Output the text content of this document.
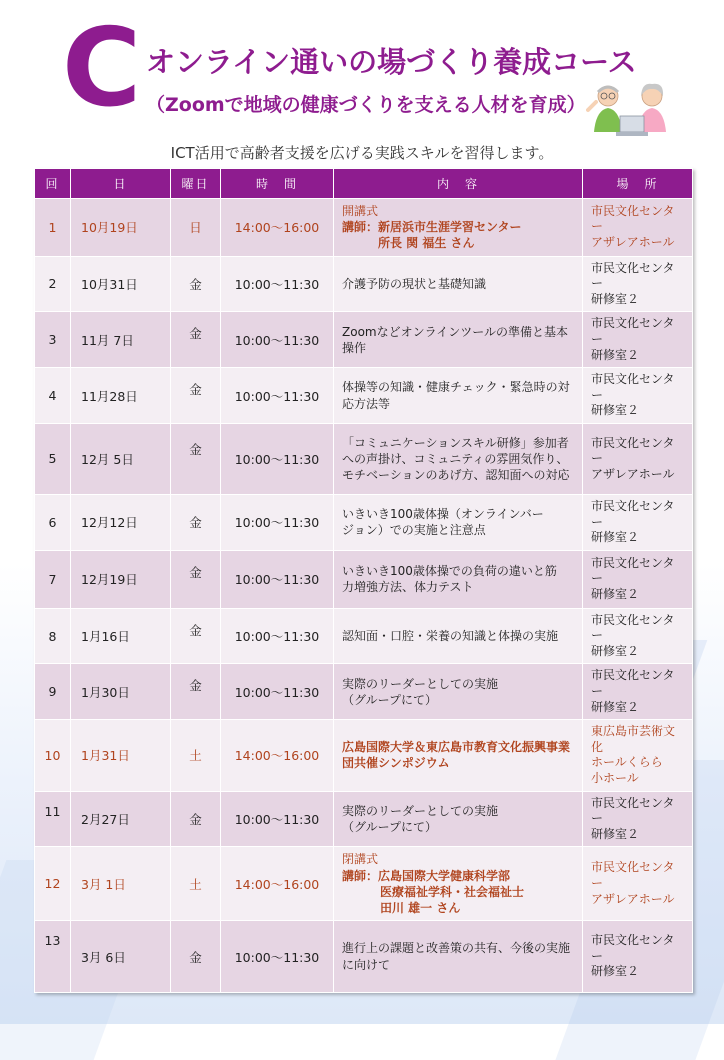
C オンライン通いの場づくり養成コース
（Zoomで地域の健康づくりを支える人材を育成）
ICT活用で高齢者支援を広げる実践スキルを習得します。
回	日	曜日	時　間	内　容	場　所
1	10月19日	日	14:00〜16:00	開講式
講師：新居浜市生涯学習センター
所長 関 福生 さん	市民文化センター
アザレアホール

2	10月31日	金	10:00〜11:30	介護予防の現状と基礎知識	市民文化センター
研修室２

3	11月 7日	金	10:00〜11:30	Zoomなどオンラインツールの準備と基本
操作	市民文化センター
研修室２

4	11月28日	金	10:00〜11:30	体操等の知識・健康チェック・緊急時の対
応方法等	市民文化センター
研修室２

5	12月 5日	金	10:00〜11:30	「コミュニケーションスキル研修」参加者
への声掛け、コミュニティの雰囲気作り、
モチベーションのあげ方、認知面への対応	市民文化センター
アザレアホール

6	12月12日	金	10:00〜11:30	いきいき100歳体操（オンラインバー
ジョン）での実施と注意点	市民文化センター
研修室２

7	12月19日	金	10:00〜11:30	いきいき100歳体操での負荷の違いと筋
力増強方法、体力テスト	市民文化センター
研修室２

8	1月16日	金	10:00〜11:30	認知面・口腔・栄養の知識と体操の実施	市民文化センター
研修室２

9	1月30日	金	10:00〜11:30	実際のリーダーとしての実施
（グループにて）	市民文化センター
研修室２

10	1月31日	土	14:00〜16:00	広島国際大学＆東広島市教育文化振興事業
団共催シンポジウム	東広島市芸術文化
ホールくらら
小ホール

11	2月27日	金	10:00〜11:30	実際のリーダーとしての実施
（グループにて）	市民文化センター
研修室２

12	3月 1日	土	14:00〜16:00	閉講式
講師：広島国際大学健康科学部
医療福祉学科・社会福祉士
田川 雄一 さん	市民文化センター
アザレアホール

13	3月 6日	金	10:00〜11:30	進行上の課題と改善策の共有、今後の実施
に向けて	市民文化センター
研修室２
